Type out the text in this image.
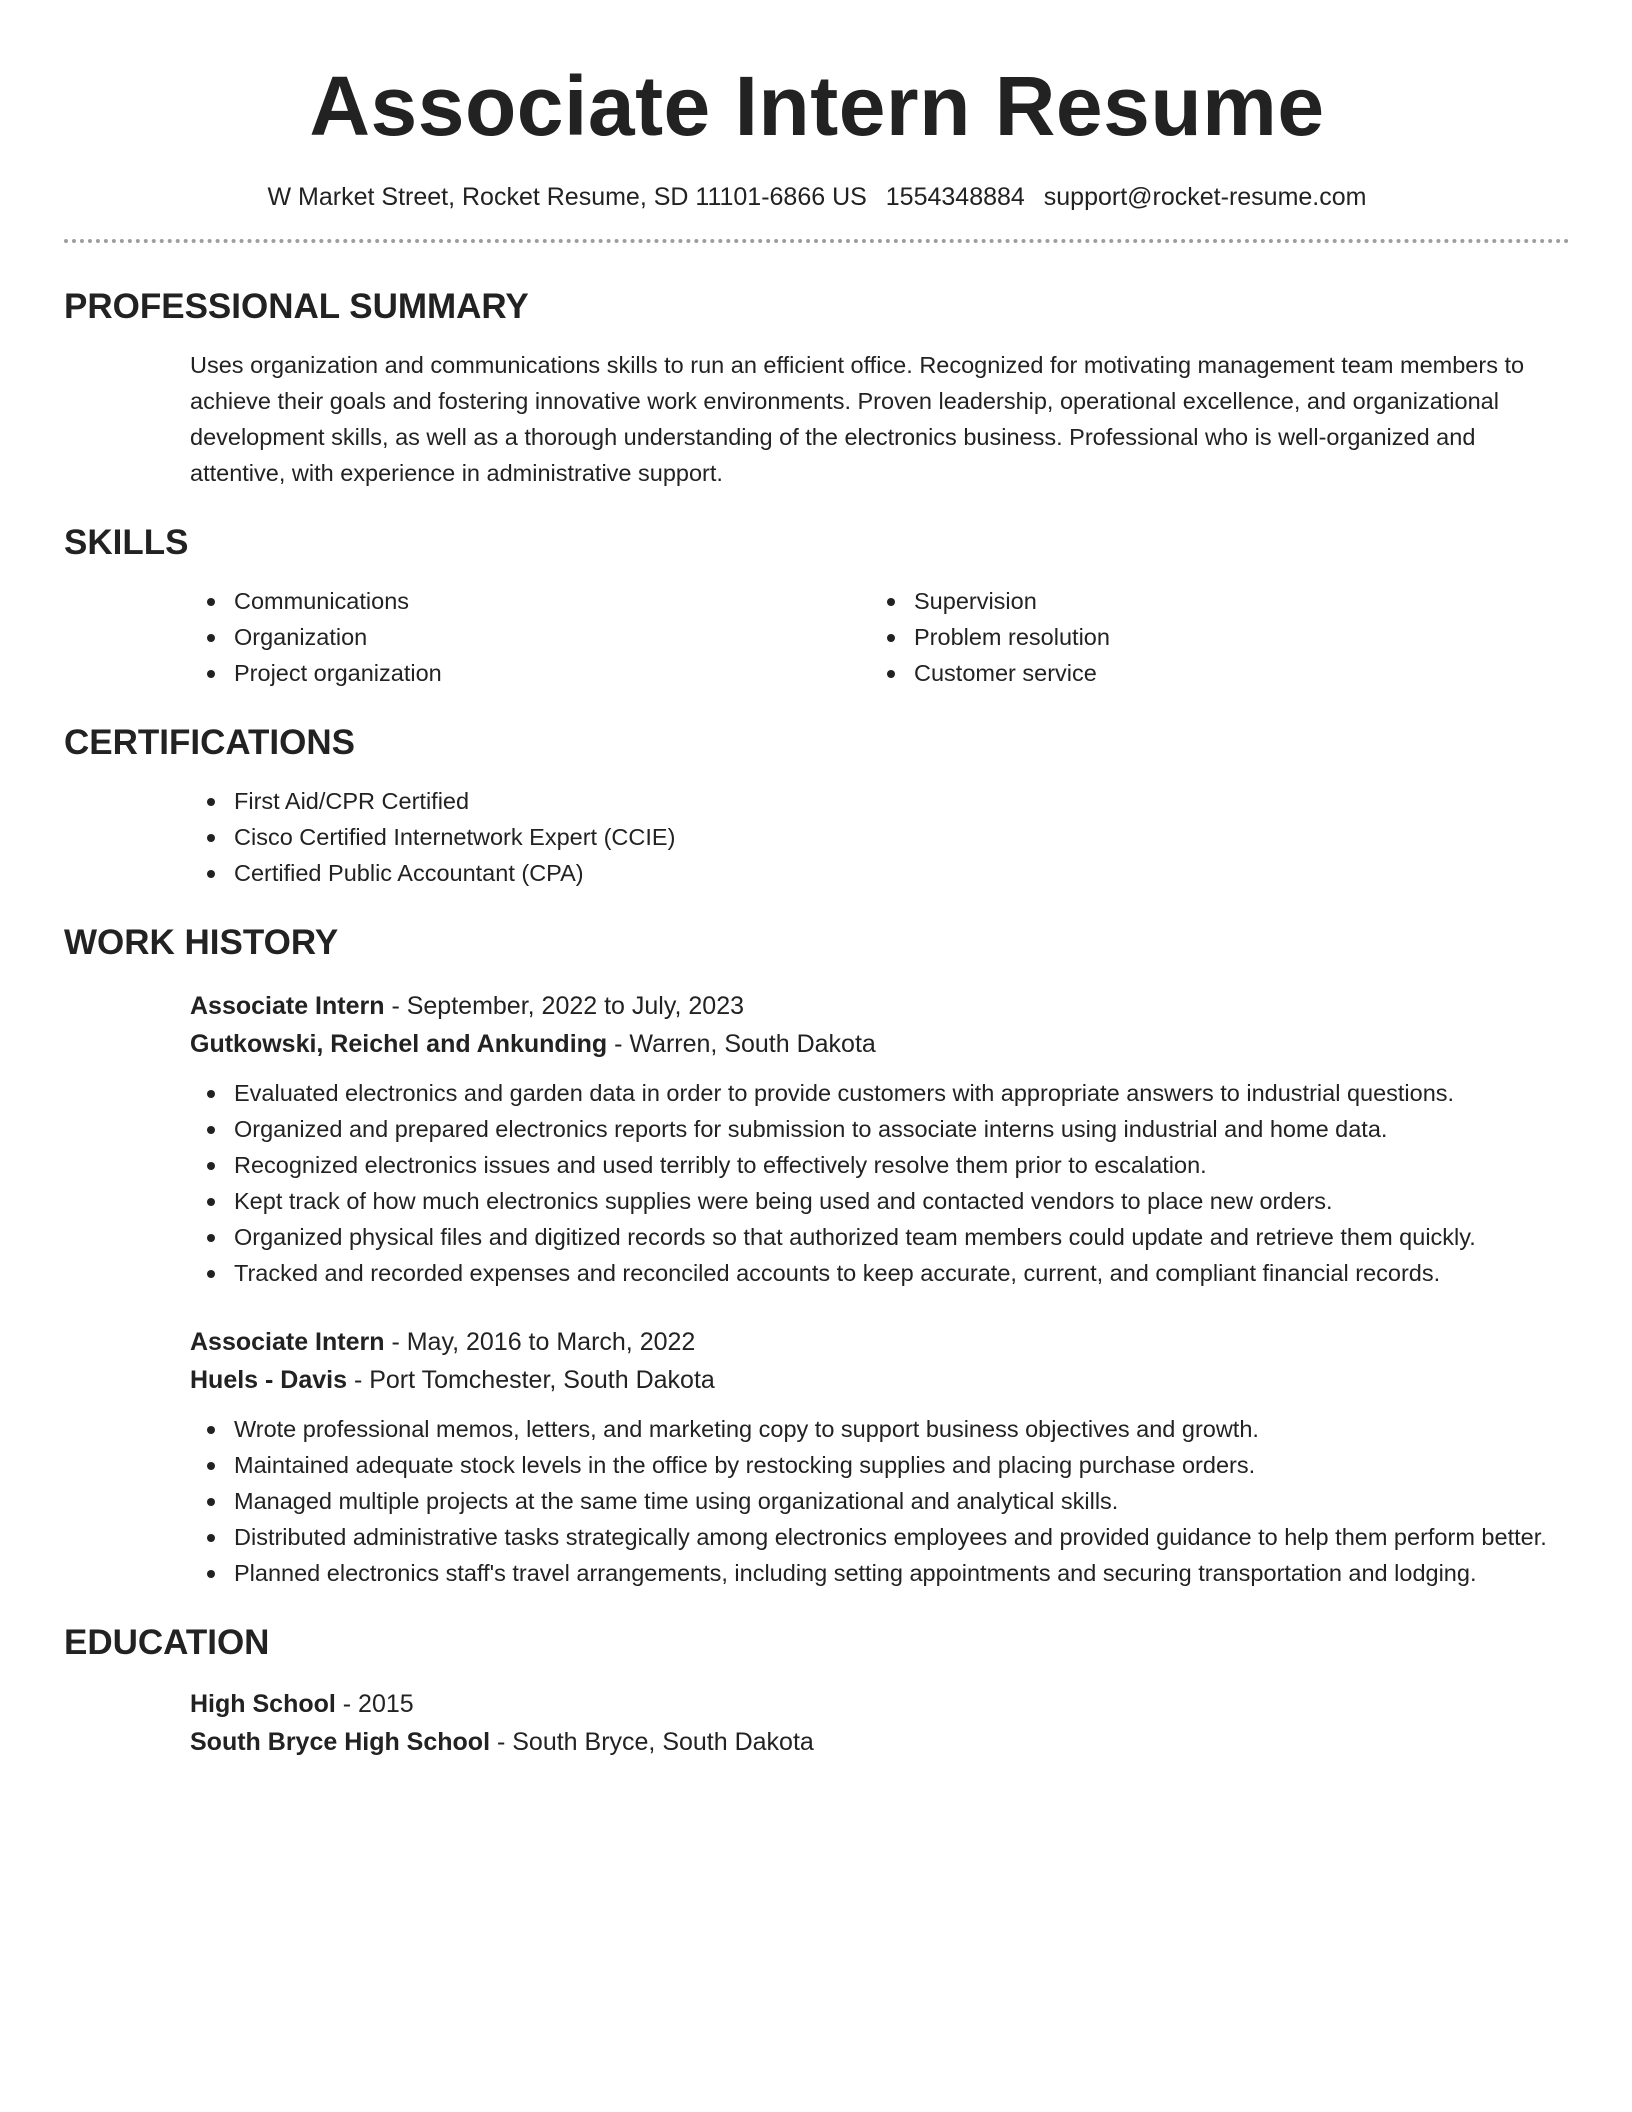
Associate Intern Resume
W Market Street, Rocket Resume, SD 11101-6866 US 1554348884 support@rocket-resume.com
PROFESSIONAL SUMMARY

Uses organization and communications skills to run an efficient office. Recognized for motivating management team members to achieve their goals and fostering innovative work environments. Proven leadership, operational excellence, and organizational development skills, as well as a thorough understanding of the electronics business. Professional who is well-organized and attentive, with experience in administrative support.

SKILLS
Communications
Organization
Project organization
Supervision
Problem resolution
Customer service
CERTIFICATIONS
First Aid/CPR Certified
Cisco Certified Internetwork Expert (CCIE)
Certified Public Accountant (CPA)
WORK HISTORY
Associate Intern - September, 2022 to July, 2023
Gutkowski, Reichel and Ankunding - Warren, South Dakota
Evaluated electronics and garden data in order to provide customers with appropriate answers to industrial questions.
Organized and prepared electronics reports for submission to associate interns using industrial and home data.
Recognized electronics issues and used terribly to effectively resolve them prior to escalation.
Kept track of how much electronics supplies were being used and contacted vendors to place new orders.
Organized physical files and digitized records so that authorized team members could update and retrieve them quickly.
Tracked and recorded expenses and reconciled accounts to keep accurate, current, and compliant financial records.
Associate Intern - May, 2016 to March, 2022
Huels - Davis - Port Tomchester, South Dakota
Wrote professional memos, letters, and marketing copy to support business objectives and growth.
Maintained adequate stock levels in the office by restocking supplies and placing purchase orders.
Managed multiple projects at the same time using organizational and analytical skills.
Distributed administrative tasks strategically among electronics employees and provided guidance to help them perform better.
Planned electronics staff's travel arrangements, including setting appointments and securing transportation and lodging.
EDUCATION
High School - 2015
South Bryce High School - South Bryce, South Dakota
